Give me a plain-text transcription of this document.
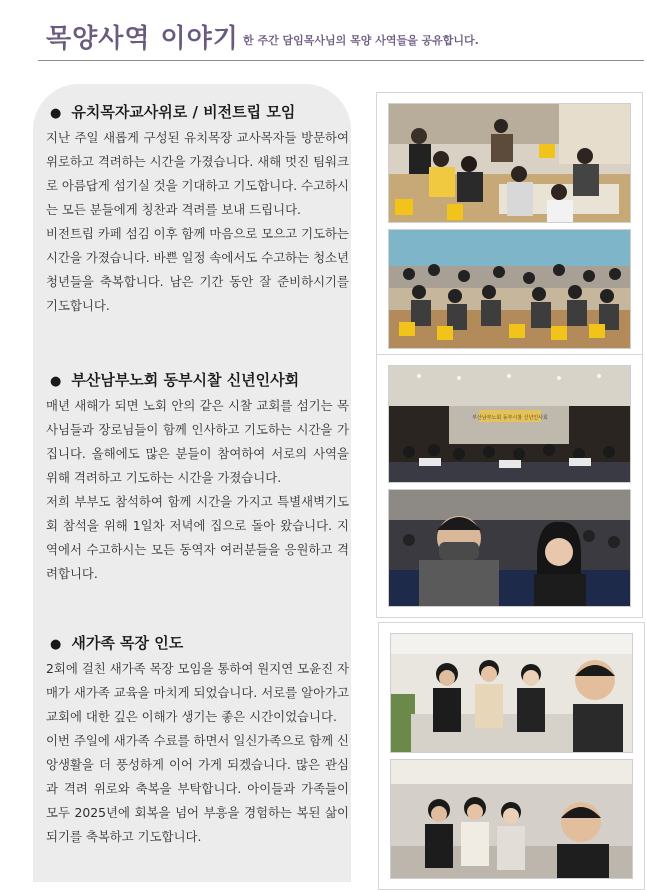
목양사역 이야기 한 주간 담임목사님의 목양 사역들을 공유합니다.
● 유치목자교사위로 / 비전트립 모임

지난 주일 새롭게 구성된 유치목장 교사목자들 방문하여 위로하고 격려하는 시간을 가졌습니다. 새해 멋진 팀워크로 아름답게 섬기실 것을 기대하고 기도합니다. 수고하시는 모든 분들에게 칭찬과 격려를 보내 드립니다.

비전트립 카페 섬김 이후 함께 마음으로 모으고 기도하는 시간을 가졌습니다. 바쁜 일정 속에서도 수고하는 청소년 청년들을 축복합니다. 남은 기간 동안 잘 준비하시기를 기도합니다.

● 부산남부노회 동부시찰 신년인사회

매년 새해가 되면 노회 안의 같은 시찰 교회를 섬기는 목사님들과 장로님들이 함께 인사하고 기도하는 시간을 가집니다. 올해에도 많은 분들이 참여하여 서로의 사역을 위해 격려하고 기도하는 시간을 가졌습니다.

저희 부부도 참석하여 함께 시간을 가지고 특별새벽기도회 참석을 위해 1일차 저녁에 집으로 돌아 왔습니다. 지역에서 수고하시는 모든 동역자 여러분들을 응원하고 격려합니다.

● 새가족 목장 인도

2회에 걸친 새가족 목장 모임을 통하여 원지연 모윤진 자매가 새가족 교육을 마치게 되었습니다. 서로를 알아가고 교회에 대한 깊은 이해가 생기는 좋은 시간이었습니다.

이번 주일에 새가족 수료를 하면서 일신가족으로 함께 신앙생활을 더 풍성하게 이어 가게 되겠습니다. 많은 관심과 격려 위로와 축복을 부탁합니다. 아이들과 가족들이 모두 2025년에 회복을 넘어 부흥을 경험하는 복된 삶이 되기를 축복하고 기도합니다.

부산남부노회 동부시찰 신년인사회
